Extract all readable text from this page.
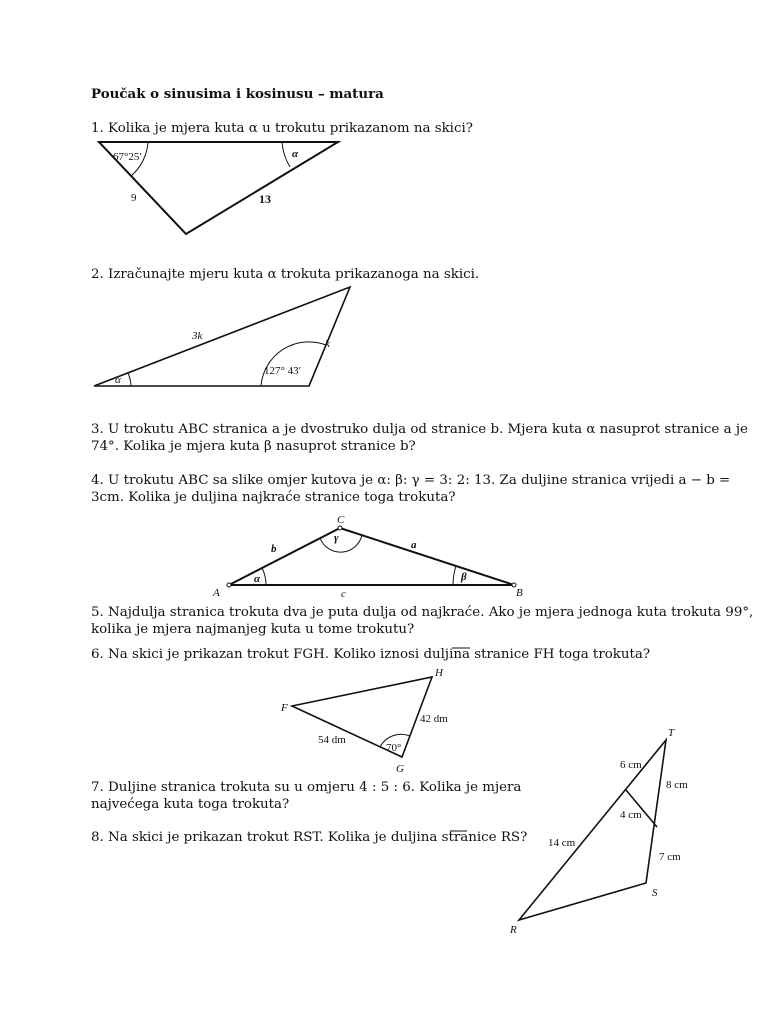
Poučak o sinusima i kosinusu – matura

1. Kolika je mjera kuta α u trokutu prikazanom na skici?

67°25′	α
9	13

2. Izračunajte mjeru kuta α trokuta prikazanoga na skici.

3k
k
127° 43′
α

3. U trokutu ABC stranica a je dvostruko dulja od stranice b. Mjera kuta α nasuprot stranice a je

74°. Kolika je mjera kuta β nasuprot stranice b?

4. U trokutu ABC sa slike omjer kutova je α: β: γ = 3: 2: 13. Za duljine stranica vrijedi a − b =

3cm. Kolika je duljina najkraće stranice toga trokuta?

A
C
B
b	a
c
α	β
γ

5. Najdulja stranica trokuta dva je puta dulja od najkraće. Ako je mjera jednoga kuta trokuta 99°,

kolika je mjera najmanjeg kuta u tome trokutu?

6. Na skici je prikazan trokut FGH. Koliko iznosi duljina stranice FH toga trokuta?

F
H
G
54 dm
42 dm
70°

7. Duljine stranica trokuta su u omjeru 4 : 5 : 6. Kolika je mjera

najvećega kuta toga trokuta?

8. Na skici je prikazan trokut RST. Kolika je duljina stranice RS?

T
S
R
6 cm
8 cm
4 cm
14 cm
7 cm
